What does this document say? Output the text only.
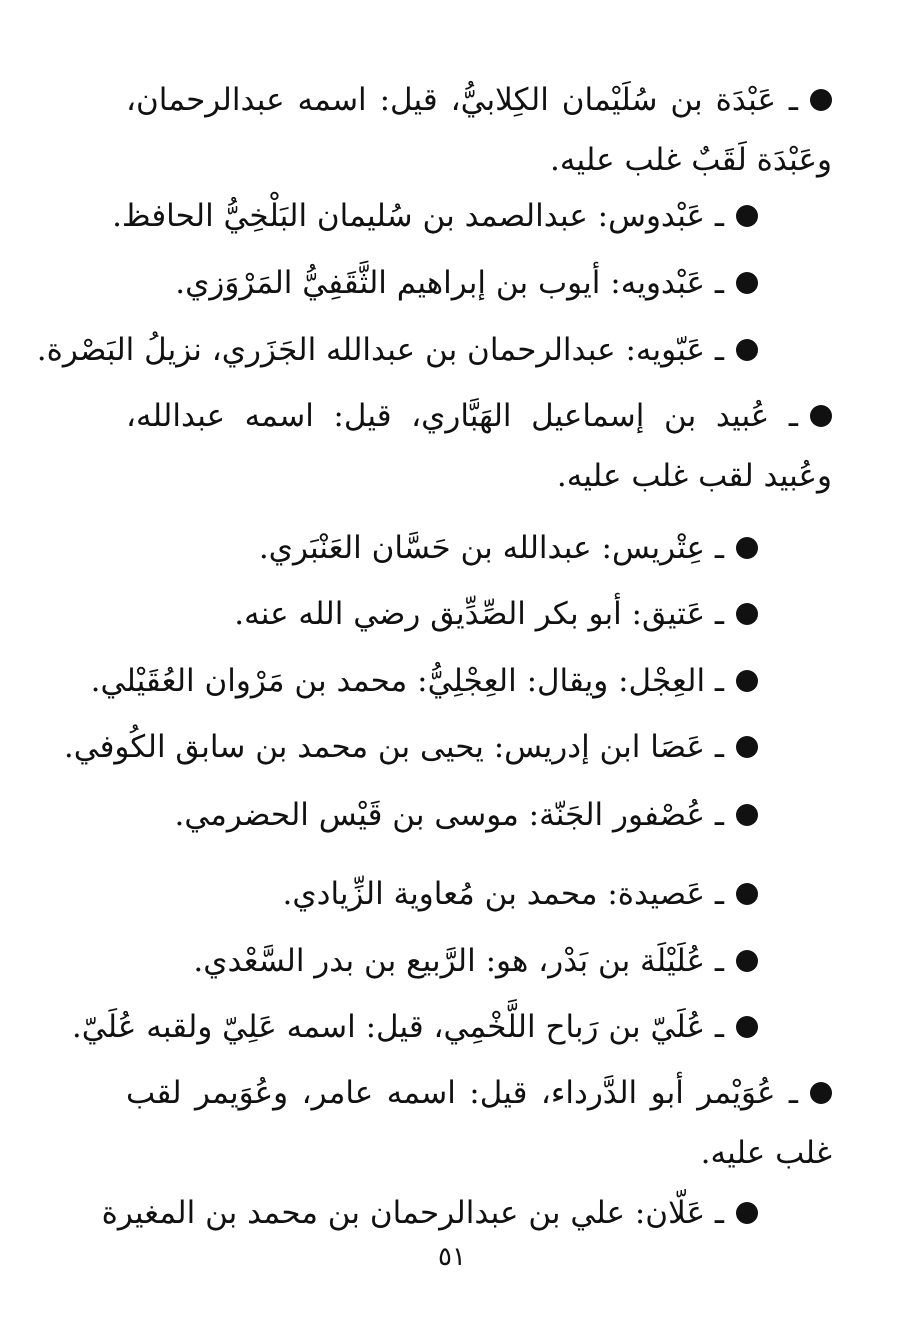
ـ عَبْدَة بن سُلَيْمان الكِلابيُّ، قيل: اسمه عبدالرحمان، وعَبْدَة لَقَبٌ غلب عليه.
ـ عَبْدوس: عبدالصمد بن سُليمان البَلْخِيُّ الحافظ.
ـ عَبْدويه: أيوب بن إبراهيم الثَّقَفِيُّ المَرْوَزي.
ـ عَبّويه: عبدالرحمان بن عبدالله الجَزَري، نزيلُ البَصْرة.
ـ عُبيد بن إسماعيل الهَبَّاري، قيل: اسمه عبدالله، وعُبيد لقب غلب عليه.
ـ عِتْريس: عبدالله بن حَسَّان العَنْبَري.
ـ عَتيق: أبو بكر الصِّدِّيق رضي الله عنه.
ـ العِجْل: ويقال: العِجْلِيُّ: محمد بن مَرْوان العُقَيْلي.
ـ عَصَا ابن إدريس: يحيى بن محمد بن سابق الكُوفي.
ـ عُصْفور الجَنّة: موسى بن قَيْس الحضرمي.
ـ عَصيدة: محمد بن مُعاوية الزِّيادي.
ـ عُلَيْلَة بن بَدْر، هو: الرَّبيع بن بدر السَّعْدي.
ـ عُلَيّ بن رَباح اللَّخْمِي، قيل: اسمه عَلِيّ ولقبه عُلَيّ.
ـ عُوَيْمر أبو الدَّرداء، قيل: اسمه عامر، وعُوَيمر لقب غلب عليه.
ـ عَلّان: علي بن عبدالرحمان بن محمد بن المغيرة
٥١
